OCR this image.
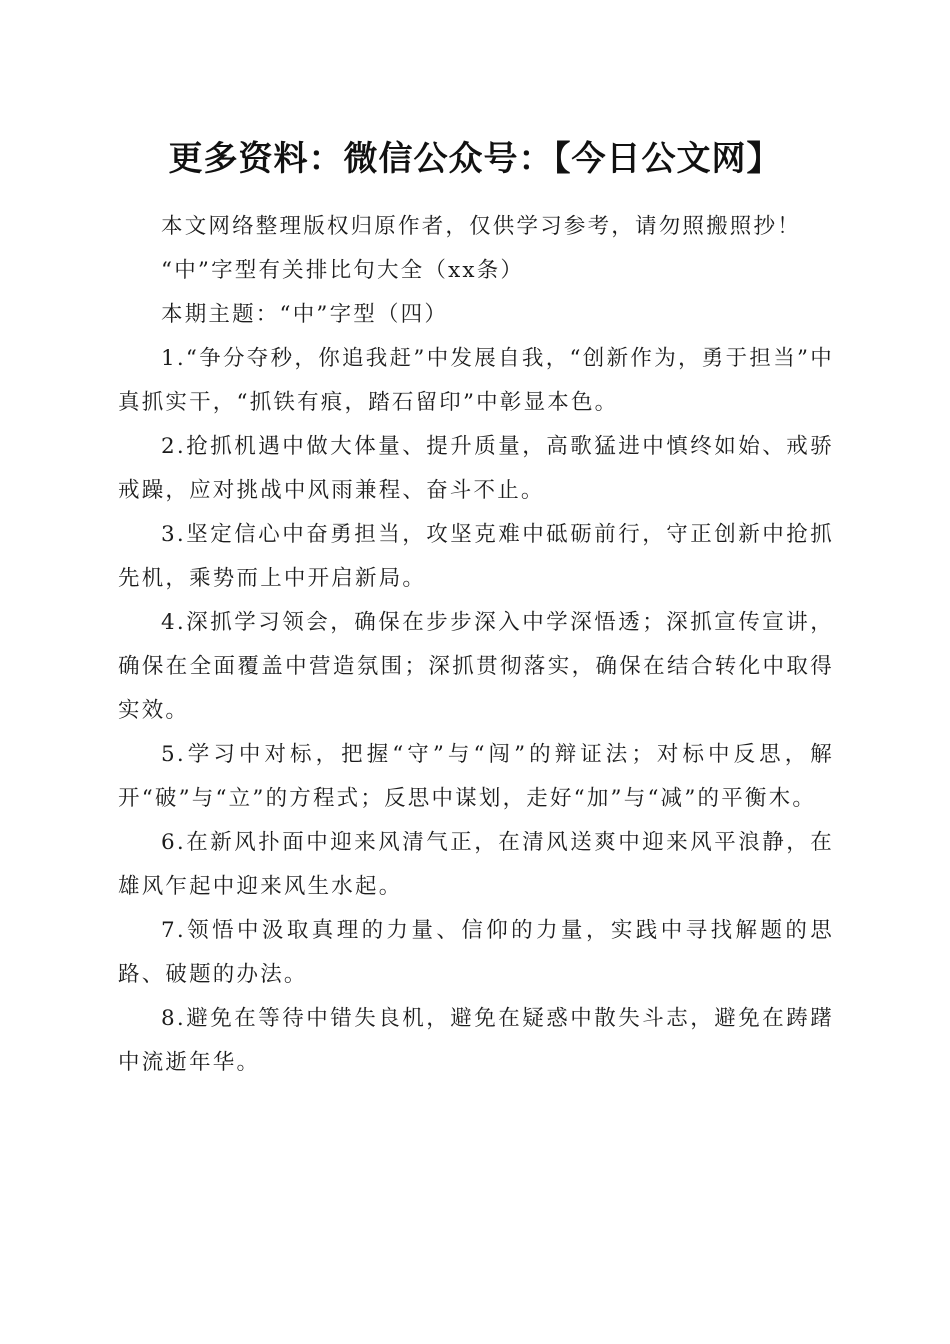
更多资料：微信公众号：【今日公文网】

本文网络整理版权归原作者，仅供学习参考，请勿照搬照抄！

“中”字型有关排比句大全（xx条）

本期主题：“中”字型（四）

1.“争分夺秒，你追我赶”中发展自我，“创新作为，勇于担当”中真抓实干，“抓铁有痕，踏石留印”中彰显本色。

2.抢抓机遇中做大体量、提升质量，高歌猛进中慎终如始、戒骄戒躁，应对挑战中风雨兼程、奋斗不止。

3.坚定信心中奋勇担当，攻坚克难中砥砺前行，守正创新中抢抓先机，乘势而上中开启新局。

4.深抓学习领会，确保在步步深入中学深悟透；深抓宣传宣讲，确保在全面覆盖中营造氛围；深抓贯彻落实，确保在结合转化中取得实效。

5.学习中对标，把握“守”与“闯”的辩证法；对标中反思，解开“破”与“立”的方程式；反思中谋划，走好“加”与“减”的平衡木。

6.在新风扑面中迎来风清气正，在清风送爽中迎来风平浪静，在雄风乍起中迎来风生水起。

7.领悟中汲取真理的力量、信仰的力量，实践中寻找解题的思路、破题的办法。

8.避免在等待中错失良机，避免在疑惑中散失斗志，避免在踌躇中流逝年华。
